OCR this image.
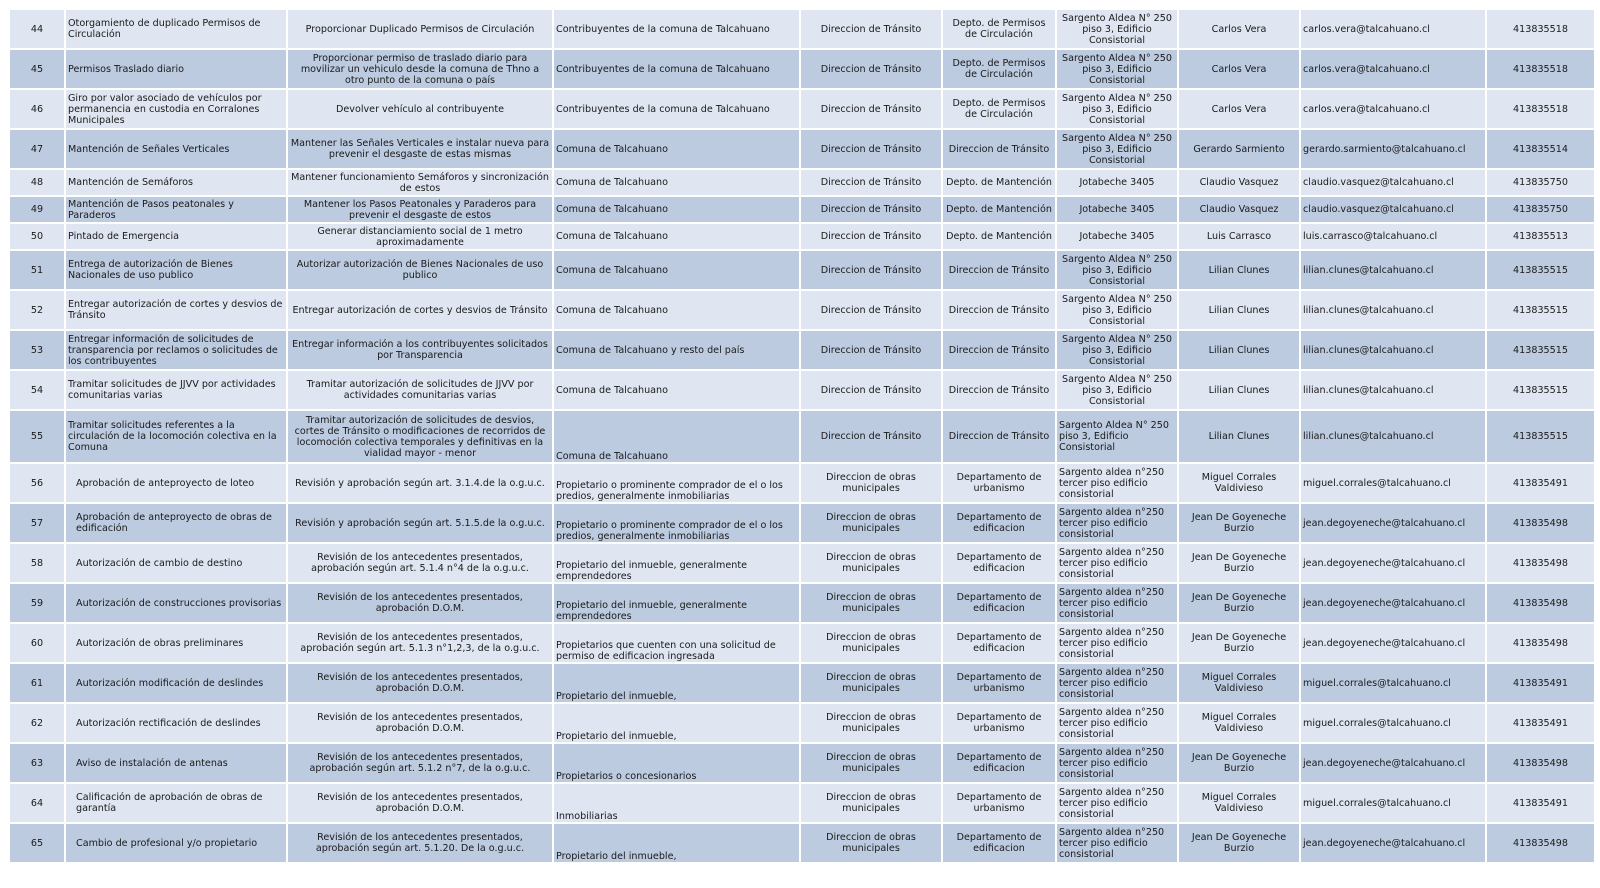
44	Otorgamiento de duplicado Permisos de Circulación	Proporcionar Duplicado Permisos de Circulación	Contribuyentes de la comuna de Talcahuano	Direccion de Tránsito	Depto. de Permisos de Circulación	Sargento Aldea N° 250 piso 3, Edificio Consistorial	Carlos Vera	carlos.vera@talcahuano.cl	413835518
45	Permisos Traslado diario	Proporcionar permiso de traslado diario para movilizar un vehiculo desde la comuna de Thno a otro punto de la comuna o país	Contribuyentes de la comuna de Talcahuano	Direccion de Tránsito	Depto. de Permisos de Circulación	Sargento Aldea N° 250 piso 3, Edificio Consistorial	Carlos Vera	carlos.vera@talcahuano.cl	413835518
46	Giro por valor asociado de vehículos por permanencia en custodia en Corralones Municipales	Devolver vehículo al contribuyente	Contribuyentes de la comuna de Talcahuano	Direccion de Tránsito	Depto. de Permisos de Circulación	Sargento Aldea N° 250 piso 3, Edificio Consistorial	Carlos Vera	carlos.vera@talcahuano.cl	413835518
47	Mantención de Señales Verticales	Mantener las Señales Verticales e instalar nueva para prevenir el desgaste de estas mismas	Comuna de Talcahuano	Direccion de Tránsito	Direccion de Tránsito	Sargento Aldea N° 250 piso 3, Edificio Consistorial	Gerardo Sarmiento	gerardo.sarmiento@talcahuano.cl	413835514
48	Mantención de Semáforos	Mantener funcionamiento Semáforos y sincronización de estos	Comuna de Talcahuano	Direccion de Tránsito	Depto. de Mantención	Jotabeche 3405	Claudio Vasquez	claudio.vasquez@talcahuano.cl	413835750
49	Mantención de Pasos peatonales y Paraderos	Mantener los Pasos Peatonales y Paraderos para prevenir el desgaste de estos	Comuna de Talcahuano	Direccion de Tránsito	Depto. de Mantención	Jotabeche 3405	Claudio Vasquez	claudio.vasquez@talcahuano.cl	413835750
50	Pintado de Emergencia	Generar distanciamiento social de 1 metro aproximadamente	Comuna de Talcahuano	Direccion de Tránsito	Depto. de Mantención	Jotabeche 3405	Luis Carrasco	luis.carrasco@talcahuano.cl	413835513
51	Entrega de autorización de Bienes Nacionales de uso publico	Autorizar autorización de Bienes Nacionales de uso publico	Comuna de Talcahuano	Direccion de Tránsito	Direccion de Tránsito	Sargento Aldea N° 250 piso 3, Edificio Consistorial	Lilian Clunes	lilian.clunes@talcahuano.cl	413835515
52	Entregar autorización de cortes y desvios de Tránsito	Entregar autorización de cortes y desvios de Tránsito	Comuna de Talcahuano	Direccion de Tránsito	Direccion de Tránsito	Sargento Aldea N° 250 piso 3, Edificio Consistorial	Lilian Clunes	lilian.clunes@talcahuano.cl	413835515
53	Entregar información de solicitudes de transparencia por reclamos o solicitudes de los contribuyentes	Entregar información a los contribuyentes solicitados por Transparencia	Comuna de Talcahuano y resto del país	Direccion de Tránsito	Direccion de Tránsito	Sargento Aldea N° 250 piso 3, Edificio Consistorial	Lilian Clunes	lilian.clunes@talcahuano.cl	413835515
54	Tramitar solicitudes de JJVV por actividades comunitarias varias	Tramitar autorización de solicitudes de JJVV por actividades comunitarias varias	Comuna de Talcahuano	Direccion de Tránsito	Direccion de Tránsito	Sargento Aldea N° 250 piso 3, Edificio Consistorial	Lilian Clunes	lilian.clunes@talcahuano.cl	413835515
55	Tramitar solicitudes referentes a la circulación de la locomoción colectiva en la Comuna	Tramitar autorización de solicitudes de desvios, cortes de Tránsito o modificaciones de recorridos de locomoción colectiva temporales y definitivas en la vialidad mayor - menor	Comuna de Talcahuano	Direccion de Tránsito	Direccion de Tránsito	Sargento Aldea N° 250 piso 3, Edificio Consistorial	Lilian Clunes	lilian.clunes@talcahuano.cl	413835515
56	Aprobación de anteproyecto de loteo	Revisión y aprobación según art. 3.1.4.de la o.g.u.c.	Propietario o prominente comprador de el o los predios, generalmente inmobiliarias	Direccion de obras municipales	Departamento de urbanismo	Sargento aldea n°250 tercer piso edificio consistorial	Miguel Corrales Valdivieso	miguel.corrales@talcahuano.cl	413835491
57	Aprobación de anteproyecto de obras de edificación	Revisión y aprobación según art. 5.1.5.de la o.g.u.c.	Propietario o prominente comprador de el o los predios, generalmente inmobiliarias	Direccion de obras municipales	Departamento de edificacion	Sargento aldea n°250 tercer piso edificio consistorial	Jean De Goyeneche Burzio	jean.degoyeneche@talcahuano.cl	413835498
58	Autorización de cambio de destino	Revisión de los antecedentes presentados, aprobación según art. 5.1.4 n°4 de la o.g.u.c.	Propietario del inmueble, generalmente emprendedores	Direccion de obras municipales	Departamento de edificacion	Sargento aldea n°250 tercer piso edificio consistorial	Jean De Goyeneche Burzio	jean.degoyeneche@talcahuano.cl	413835498
59	Autorización de construcciones provisorias	Revisión de los antecedentes presentados, aprobación D.O.M.	Propietario del inmueble, generalmente emprendedores	Direccion de obras municipales	Departamento de edificacion	Sargento aldea n°250 tercer piso edificio consistorial	Jean De Goyeneche Burzio	jean.degoyeneche@talcahuano.cl	413835498
60	Autorización de obras preliminares	Revisión de los antecedentes presentados, aprobación según art. 5.1.3 n°1,2,3, de la o.g.u.c.	Propietarios que cuenten con una solicitud de permiso de edificacion ingresada	Direccion de obras municipales	Departamento de edificacion	Sargento aldea n°250 tercer piso edificio consistorial	Jean De Goyeneche Burzio	jean.degoyeneche@talcahuano.cl	413835498
61	Autorización modificación de deslindes	Revisión de los antecedentes presentados, aprobación D.O.M.	Propietario del inmueble,	Direccion de obras municipales	Departamento de urbanismo	Sargento aldea n°250 tercer piso edificio consistorial	Miguel Corrales Valdivieso	miguel.corrales@talcahuano.cl	413835491
62	Autorización rectificación de deslindes	Revisión de los antecedentes presentados, aprobación D.O.M.	Propietario del inmueble,	Direccion de obras municipales	Departamento de urbanismo	Sargento aldea n°250 tercer piso edificio consistorial	Miguel Corrales Valdivieso	miguel.corrales@talcahuano.cl	413835491
63	Aviso de instalación de antenas	Revisión de los antecedentes presentados, aprobación según art. 5.1.2 n°7, de la o.g.u.c.	Propietarios o concesionarios	Direccion de obras municipales	Departamento de edificacion	Sargento aldea n°250 tercer piso edificio consistorial	Jean De Goyeneche Burzio	jean.degoyeneche@talcahuano.cl	413835498
64	Calificación de aprobación de obras de garantía	Revisión de los antecedentes presentados, aprobación D.O.M.	Inmobiliarias	Direccion de obras municipales	Departamento de urbanismo	Sargento aldea n°250 tercer piso edificio consistorial	Miguel Corrales Valdivieso	miguel.corrales@talcahuano.cl	413835491
65	Cambio de profesional y/o propietario	Revisión de los antecedentes presentados, aprobación según art. 5.1.20. De la o.g.u.c.	Propietario del inmueble,	Direccion de obras municipales	Departamento de edificacion	Sargento aldea n°250 tercer piso edificio consistorial	Jean De Goyeneche Burzio	jean.degoyeneche@talcahuano.cl	413835498
